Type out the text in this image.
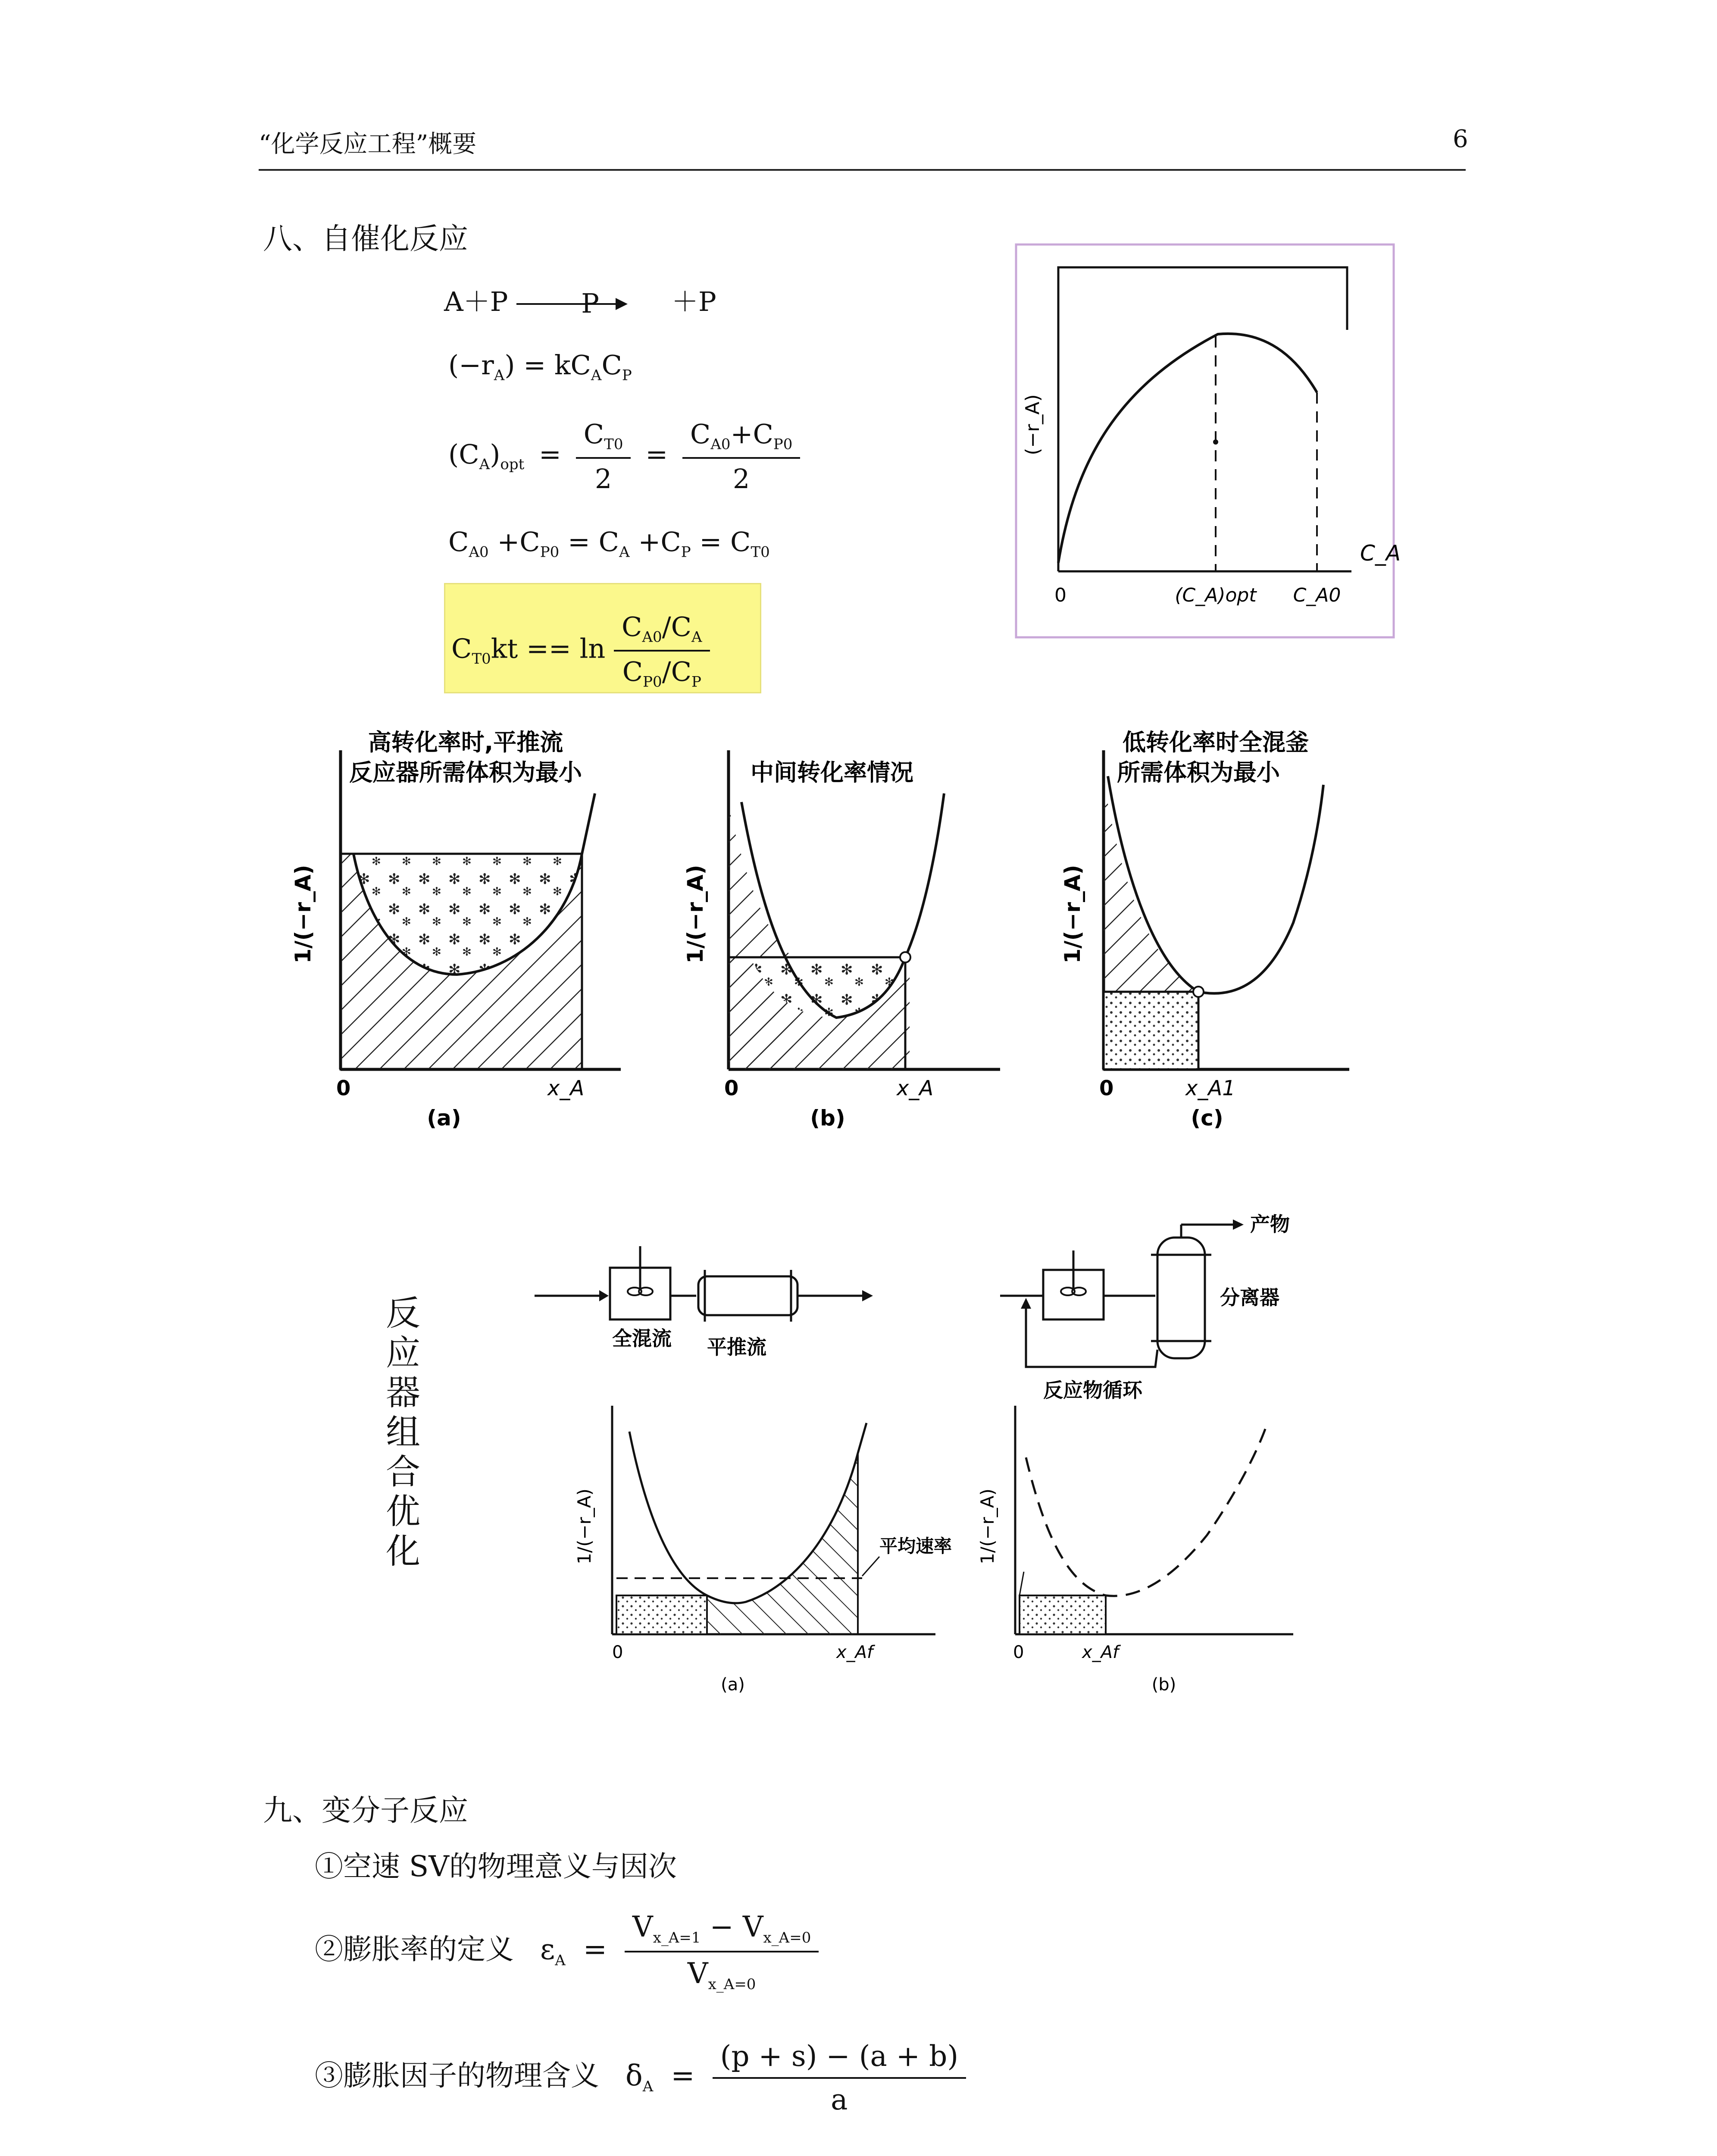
“化学反应工程”概要	6
八、自催化反应
A＋P	P	＋P
$(-r_A) = kC_AC_P$
$(C_A)_{opt} = \frac{C_{T0}}{2} = \frac{C_{A0}+C_{P0}}{2}$
$C_{A0} +C_{P0} = C_A +C_P = C_{T0}$
$C_{T0}kt == \ln \frac{C_{A0}/C_A}{C_{P0}/C_P}$
(−r_A)
C_A
0	(C_A)opt C_A0
高转化率时,平推流
反应器所需体积为最小
1/(−r_A)
0	x_A
(a)
中间转化率情况
1/(−r_A)
0	x_A
(b)
低转化率时全混釜
所需体积为最小
1/(−r_A)
0	x_A1
(c)
反
应
器
组
合
优
化
全混流 平推流
产物
分离器
反应物循环
1/(−r_A)
0	x_Af
平均速率
(a)
1/(−r_A)
0	x_Af
(b)
九、变分子反应
①空速 SV的物理意义与因次
②膨胀率的定义 $\varepsilon_A = \frac{V_{x\_A=1} - V_{x\_A=0}}{V_{x\_A=0}}$
③膨胀因子的物理含义 $\delta_A = \frac{(p + s) - (a + b)}{a}$
